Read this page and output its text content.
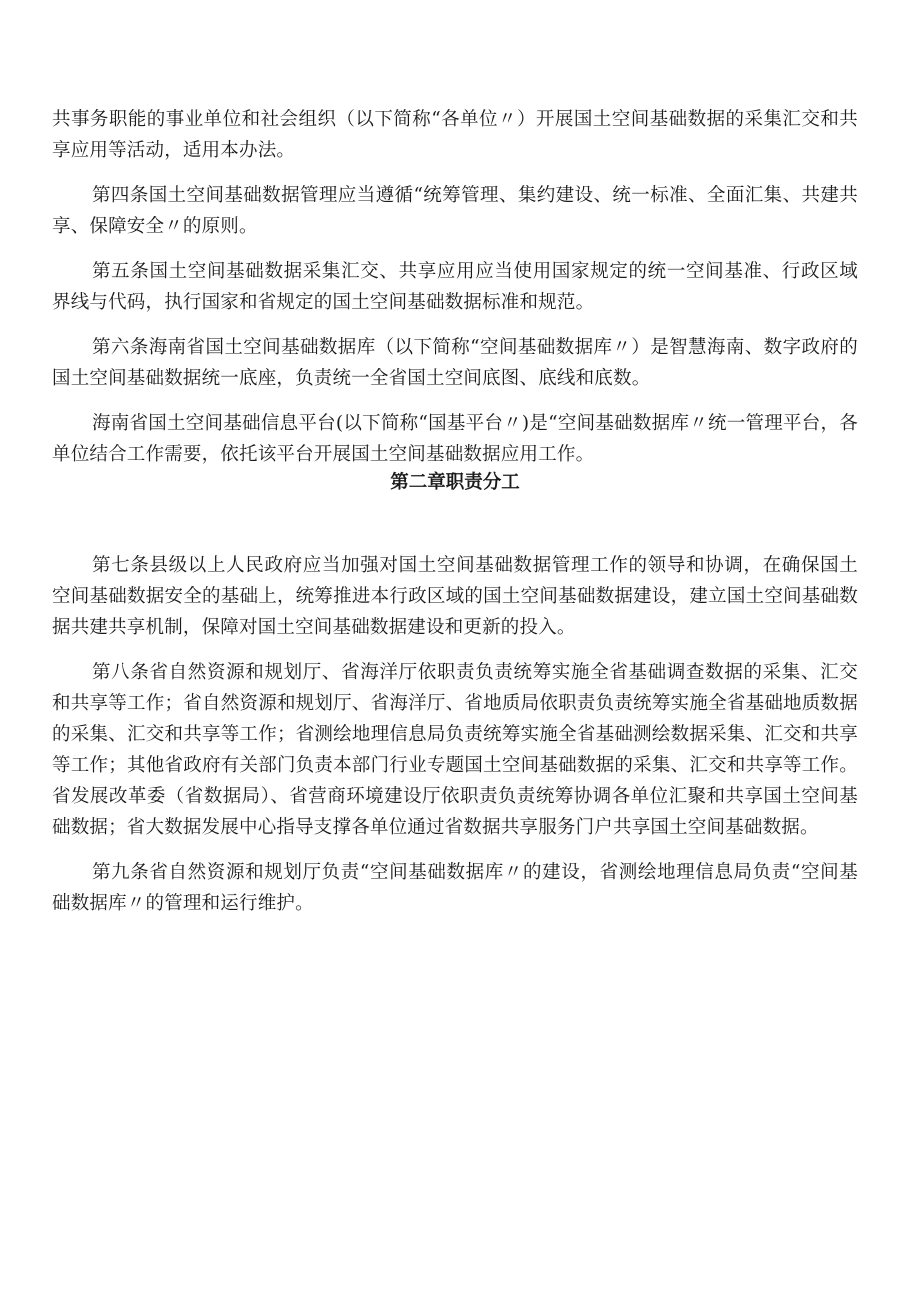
共事务职能的事业单位和社会组织（以下简称“各单位〃）开展国土空间基础数据的采集汇交和共享应用等活动，适用本办法。

第四条国土空间基础数据管理应当遵循“统筹管理、集约建设、统一标准、全面汇集、共建共享、保障安全〃的原则。

第五条国土空间基础数据采集汇交、共享应用应当使用国家规定的统一空间基准、行政区域界线与代码，执行国家和省规定的国土空间基础数据标准和规范。

第六条海南省国土空间基础数据库（以下简称“空间基础数据库〃）是智慧海南、数字政府的国土空间基础数据统一底座，负责统一全省国土空间底图、底线和底数。

海南省国土空间基础信息平台(以下简称“国基平台〃)是“空间基础数据库〃统一管理平台，各单位结合工作需要，依托该平台开展国土空间基础数据应用工作。

第二章职责分工

第七条县级以上人民政府应当加强对国土空间基础数据管理工作的领导和协调，在确保国土空间基础数据安全的基础上，统筹推进本行政区域的国土空间基础数据建设，建立国土空间基础数据共建共享机制，保障对国土空间基础数据建设和更新的投入。

第八条省自然资源和规划厅、省海洋厅依职责负责统筹实施全省基础调查数据的采集、汇交和共享等工作；省自然资源和规划厅、省海洋厅、省地质局依职责负责统筹实施全省基础地质数据的采集、汇交和共享等工作；省测绘地理信息局负责统筹实施全省基础测绘数据采集、汇交和共享等工作；其他省政府有关部门负责本部门行业专题国土空间基础数据的采集、汇交和共享等工作。省发展改革委（省数据局）、省营商环境建设厅依职责负责统筹协调各单位汇聚和共享国土空间基础数据；省大数据发展中心指导支撑各单位通过省数据共享服务门户共享国土空间基础数据。

第九条省自然资源和规划厅负责“空间基础数据库〃的建设，省测绘地理信息局负责“空间基础数据库〃的管理和运行维护。
